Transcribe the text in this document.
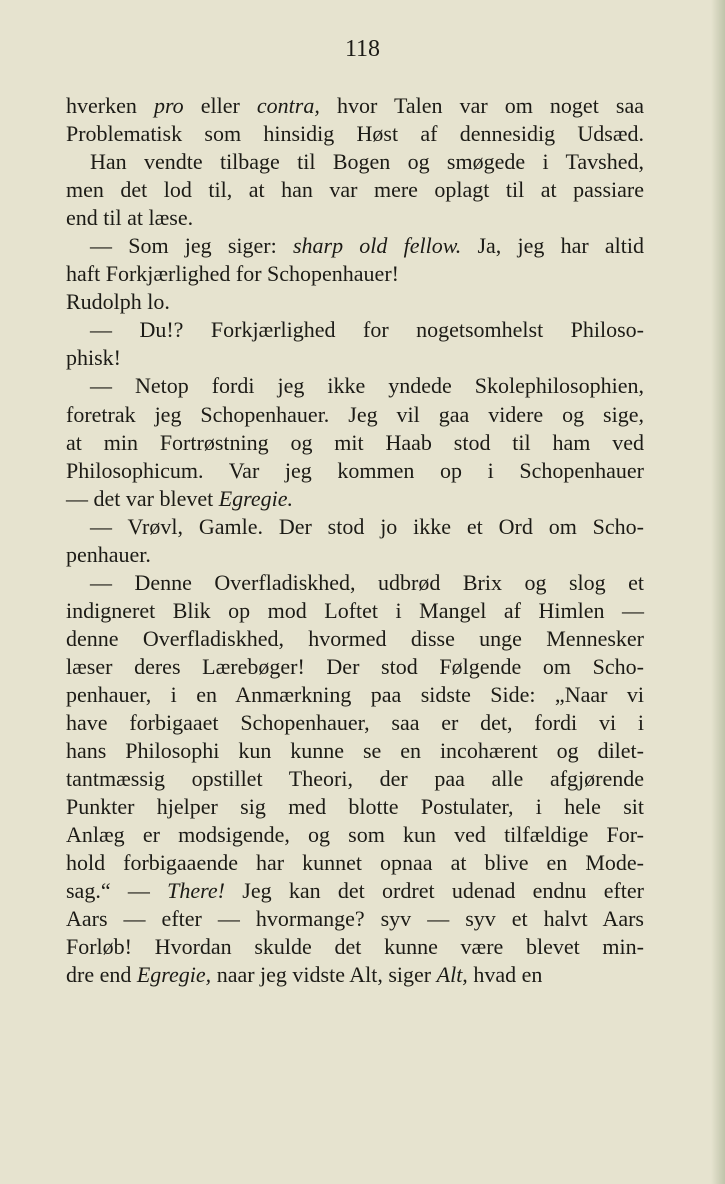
118
hverken pro eller contra, hvor Talen var om noget saa
Problematisk som hinsidig Høst af dennesidig Udsæd.
Han vendte tilbage til Bogen og smøgede i Tavshed,
men det lod til, at han var mere oplagt til at passiare
end til at læse.
— Som jeg siger: sharp old fellow. Ja, jeg har altid
haft Forkjærlighed for Schopenhauer!
Rudolph lo.
— Du!? Forkjærlighed for nogetsomhelst Philoso-
phisk!
— Netop fordi jeg ikke yndede Skolephilosophien,
foretrak jeg Schopenhauer. Jeg vil gaa videre og sige,
at min Fortrøstning og mit Haab stod til ham ved
Philosophicum. Var jeg kommen op i Schopenhauer
— det var blevet Egregie.
— Vrøvl, Gamle. Der stod jo ikke et Ord om Scho-
penhauer.
— Denne Overfladiskhed, udbrød Brix og slog et
indigneret Blik op mod Loftet i Mangel af Himlen —
denne Overfladiskhed, hvormed disse unge Mennesker
læser deres Lærebøger! Der stod Følgende om Scho-
penhauer, i en Anmærkning paa sidste Side: „Naar vi
have forbigaaet Schopenhauer, saa er det, fordi vi i
hans Philosophi kun kunne se en incohærent og dilet-
tantmæssig opstillet Theori, der paa alle afgjørende
Punkter hjelper sig med blotte Postulater, i hele sit
Anlæg er modsigende, og som kun ved tilfældige For-
hold forbigaaende har kunnet opnaa at blive en Mode-
sag.“ — There! Jeg kan det ordret udenad endnu efter
Aars — efter — hvormange? syv — syv et halvt Aars
Forløb! Hvordan skulde det kunne være blevet min-
dre end Egregie, naar jeg vidste Alt, siger Alt, hvad en
